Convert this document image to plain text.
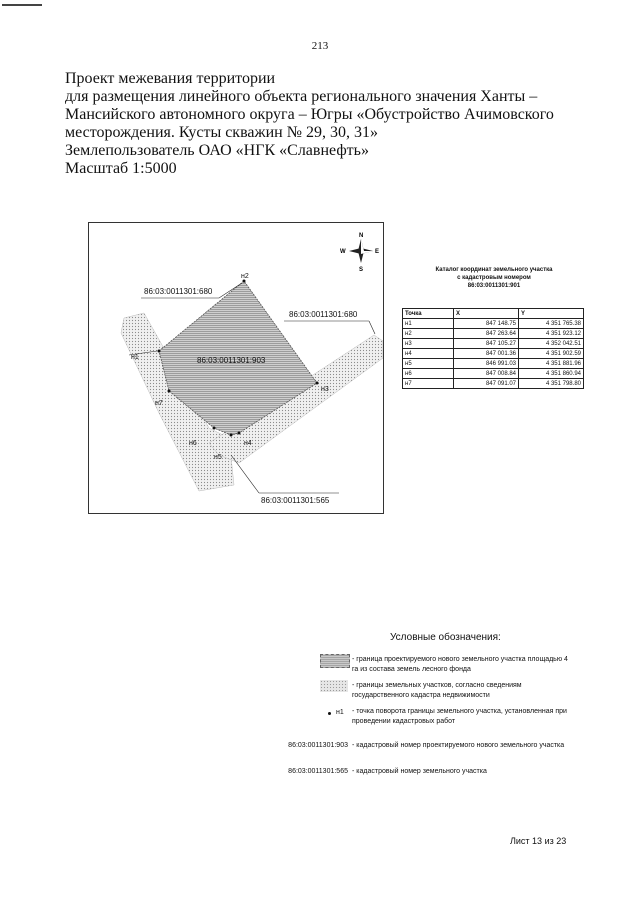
213
Проект межевания территории
для размещения линейного объекта регионального значения Ханты –
Мансийского автономного округа – Югры «Обустройство Ачимовского
месторождения. Кусты скважин № 29, 30, 31»
Землепользователь ОАО «НГК «Славнефть»
Масштаб 1:5000
N
S
W	E
86:03:0011301:680
86:03:0011301:680
86:03:0011301:903
86:03:0011301:565
н1
н2
н3
н4
н5
н6
н7
Каталог координат земельного участка
с кадастровым номером
86:03:0011301:901
Точка	X	Y
н1	847 148.75	4 351 765.38
н2	847 263.64	4 351 923.12
н3	847 105.27	4 352 042.51
н4	847 001.36	4 351 902.59
н5	846 991.03	4 351 881.96
н6	847 008.84	4 351 860.94
н7	847 091.07	4 351 798.80
Условные обозначения:
- граница проектируемого нового земельного участка площадью 4 га из состава земель лесного фонда
- границы земельных участков, согласно сведениям государственного кадастра недвижимости
н1 - точка поворота границы земельного участка, установленная при проведении кадастровых работ
86:03:0011301:903 - кадастровый номер проектируемого нового земельного участка
86:03:0011301:565 - кадастровый номер земельного участка
Лист 13 из 23
